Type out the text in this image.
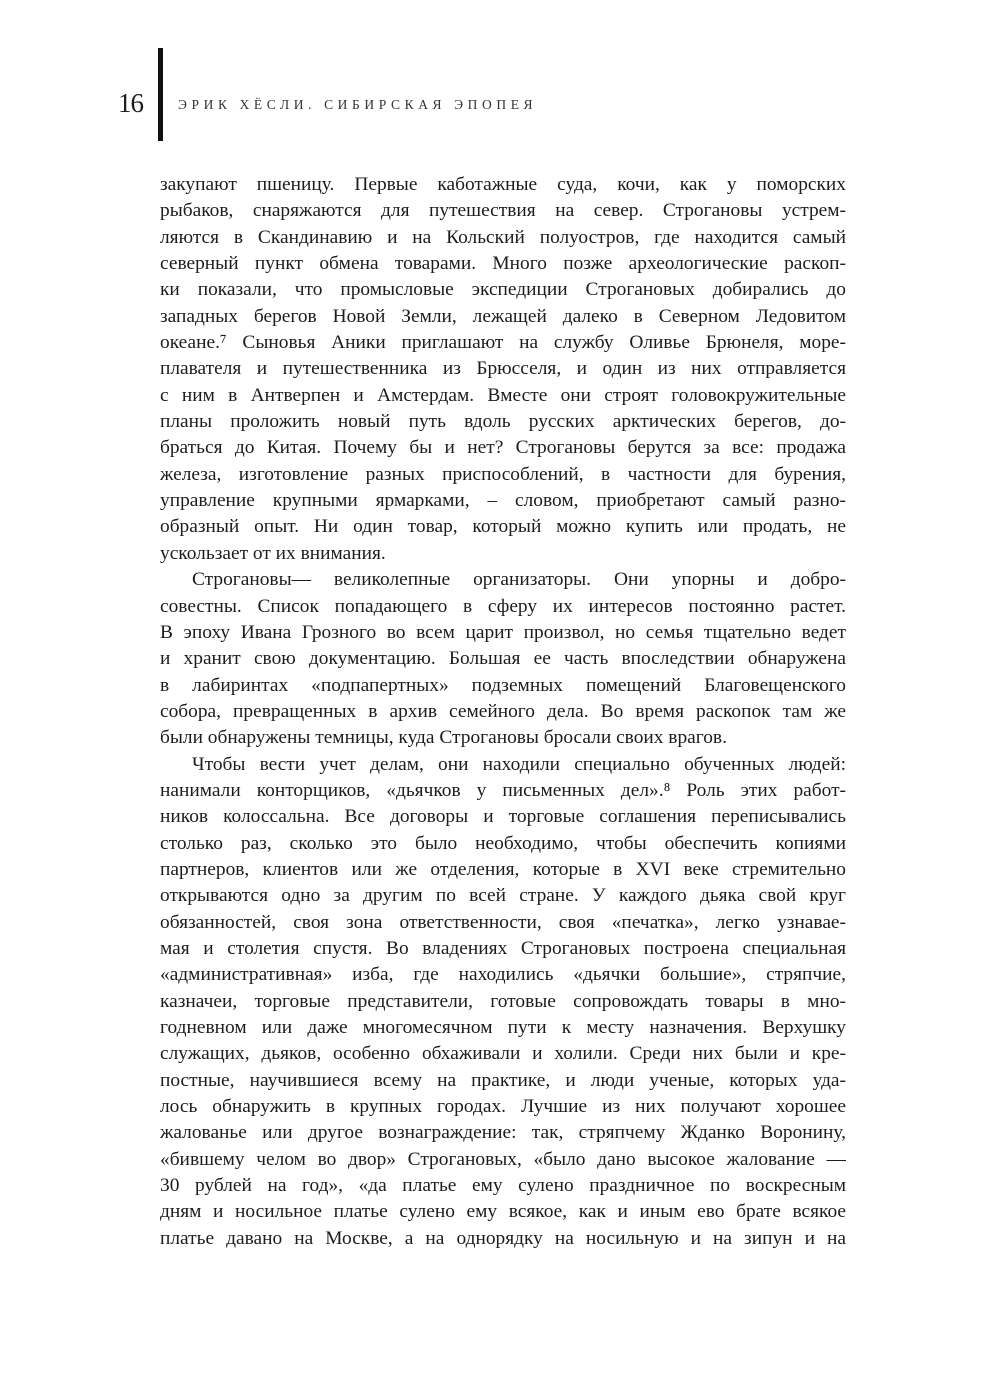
16	ЭРИК ХЁСЛИ. СИБИРСКАЯ ЭПОПЕЯ
закупают пшеницу. Первые каботажные суда, кочи, как у поморских
рыбаков, снаряжаются для путешествия на север. Строгановы устрем-
ляются в Скандинавию и на Кольский полуостров, где находится самый
северный пункт обмена товарами. Много позже археологические раскоп-
ки показали, что промысловые экспедиции Строгановых добирались до
западных берегов Новой Земли, лежащей далеко в Северном Ледовитом
океане.⁷ Сыновья Аники приглашают на службу Оливье Брюнеля, море-
плавателя и путешественника из Брюсселя, и один из них отправляется
с ним в Антверпен и Амстердам. Вместе они строят головокружительные
планы проложить новый путь вдоль русских арктических берегов, до-
браться до Китая. Почему бы и нет? Строгановы берутся за все: продажа
железа, изготовление разных приспособлений, в частности для бурения,
управление крупными ярмарками, – словом, приобретают самый разно-
образный опыт. Ни один товар, который можно купить или продать, не
ускользает от их внимания.
Строгановы— великолепные организаторы. Они упорны и добро-
совестны. Список попадающего в сферу их интересов постоянно растет.
В эпоху Ивана Грозного во всем царит произвол, но семья тщательно ведет
и хранит свою документацию. Большая ее часть впоследствии обнаружена
в лабиринтах «подпапертных» подземных помещений Благовещенского
собора, превращенных в архив семейного дела. Во время раскопок там же
были обнаружены темницы, куда Строгановы бросали своих врагов.
Чтобы вести учет делам, они находили специально обученных людей:
нанимали конторщиков, «дьячков у письменных дел».⁸ Роль этих работ-
ников колоссальна. Все договоры и торговые соглашения переписывались
столько раз, сколько это было необходимо, чтобы обеспечить копиями
партнеров, клиентов или же отделения, которые в XVI веке стремительно
открываются одно за другим по всей стране. У каждого дьяка свой круг
обязанностей, своя зона ответственности, своя «печатка», легко узнавае-
мая и столетия спустя. Во владениях Строгановых построена специальная
«административная» изба, где находились «дьячки большие», стряпчие,
казначеи, торговые представители, готовые сопровождать товары в мно-
годневном или даже многомесячном пути к месту назначения. Верхушку
служащих, дьяков, особенно обхаживали и холили. Среди них были и кре-
постные, научившиеся всему на практике, и люди ученые, которых уда-
лось обнаружить в крупных городах. Лучшие из них получают хорошее
жалованье или другое вознаграждение: так, стряпчему Жданко Воронину,
«бившему челом во двор» Строгановых, «было дано высокое жалование —
30 рублей на год», «да платье ему сулено праздничное по воскресным
дням и носильное платье сулено ему всякое, как и иным ево брате всякое
платье давано на Москве, а на однорядку на носильную и на зипун и на
